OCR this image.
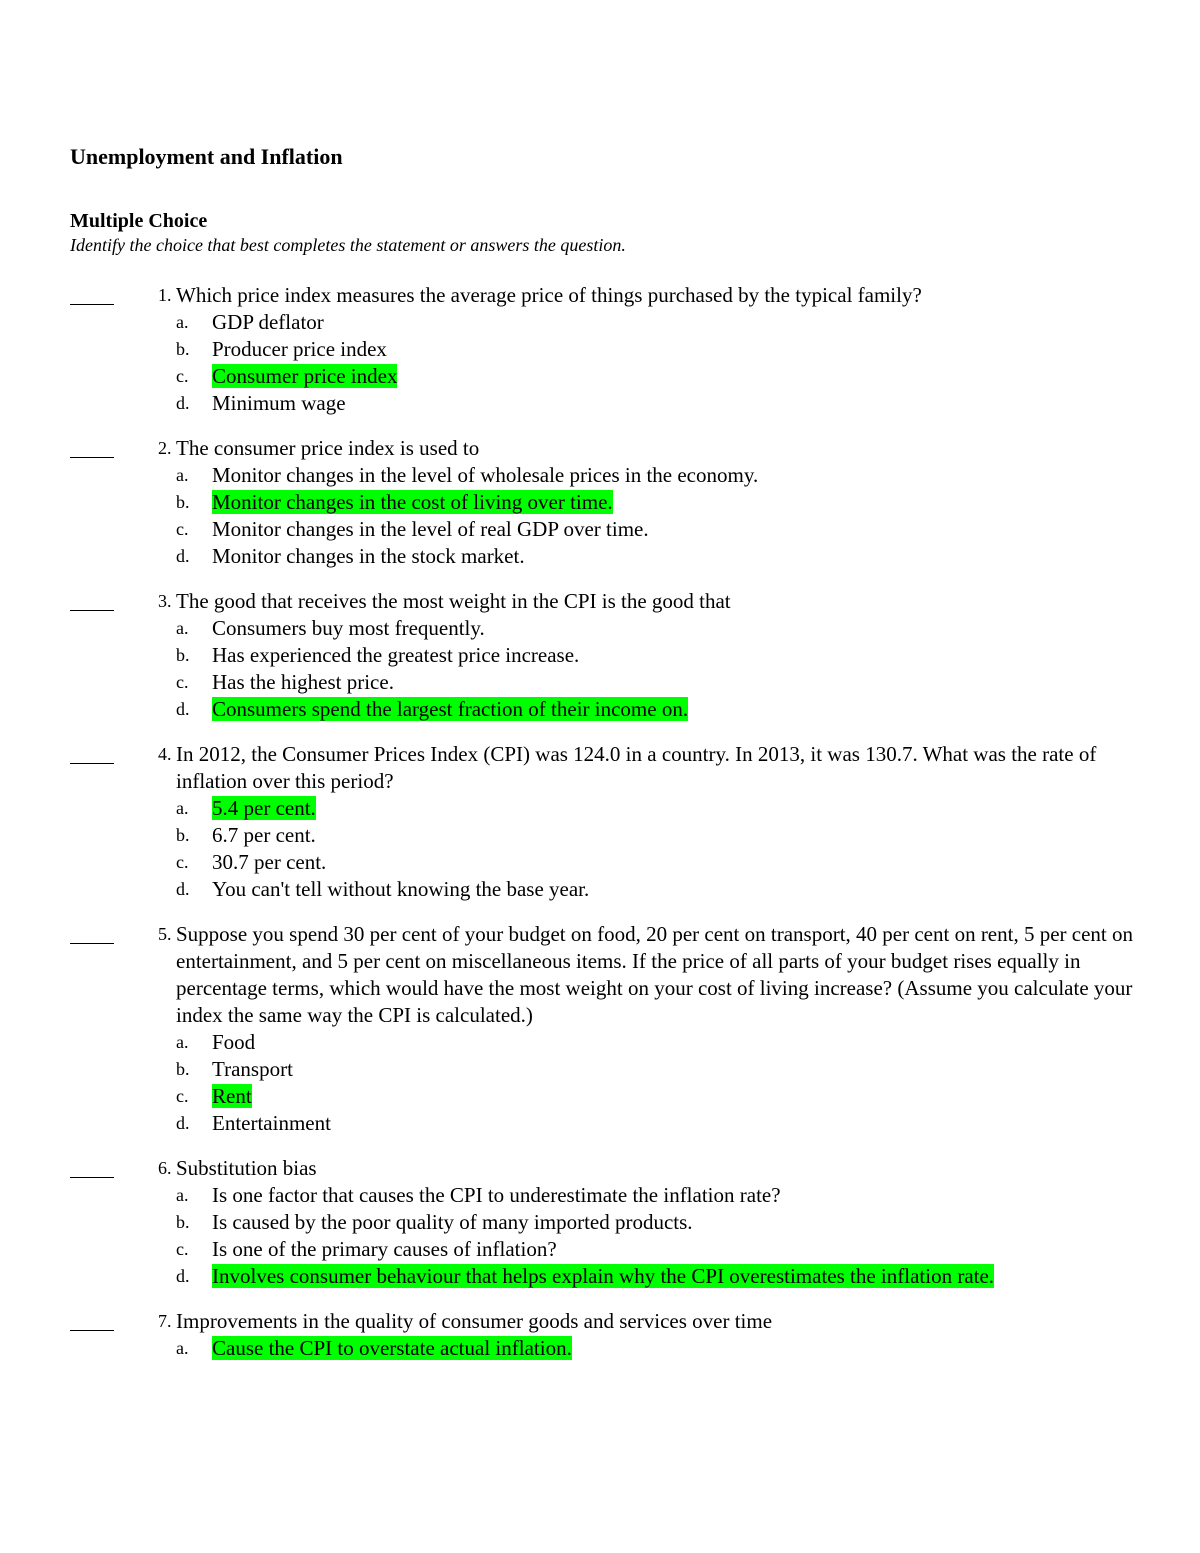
Unemployment and Inflation
Multiple Choice

Identify the choice that best completes the statement or answers the question.

1. Which price index measures the average price of things purchased by the typical family?

a.	GDP deflator
b.	Producer price index
c.	Consumer price index
d.	Minimum wage
2. The consumer price index is used to

a.	Monitor changes in the level of wholesale prices in the economy.
b.	Monitor changes in the cost of living over time.
c.	Monitor changes in the level of real GDP over time.
d.	Monitor changes in the stock market.
3. The good that receives the most weight in the CPI is the good that

a.	Consumers buy most frequently.
b.	Has experienced the greatest price increase.
c.	Has the highest price.
d.	Consumers spend the largest fraction of their income on.
4. In 2012, the Consumer Prices Index (CPI) was 124.0 in a country. In 2013, it was 130.7. What was the rate of inflation over this period?

a.	5.4 per cent.
b.	6.7 per cent.
c.	30.7 per cent.
d.	You can't tell without knowing the base year.
5. Suppose you spend 30 per cent of your budget on food, 20 per cent on transport, 40 per cent on rent, 5 per cent on entertainment, and 5 per cent on miscellaneous items. If the price of all parts of your budget rises equally in percentage terms, which would have the most weight on your cost of living increase? (Assume you calculate your index the same way the CPI is calculated.)

a.	Food
b.	Transport
c.	Rent
d.	Entertainment
6. Substitution bias

a.	Is one factor that causes the CPI to underestimate the inflation rate?
b.	Is caused by the poor quality of many imported products.
c.	Is one of the primary causes of inflation?
d.	Involves consumer behaviour that helps explain why the CPI overestimates the inflation rate.
7. Improvements in the quality of consumer goods and services over time

a.	Cause the CPI to overstate actual inflation.
